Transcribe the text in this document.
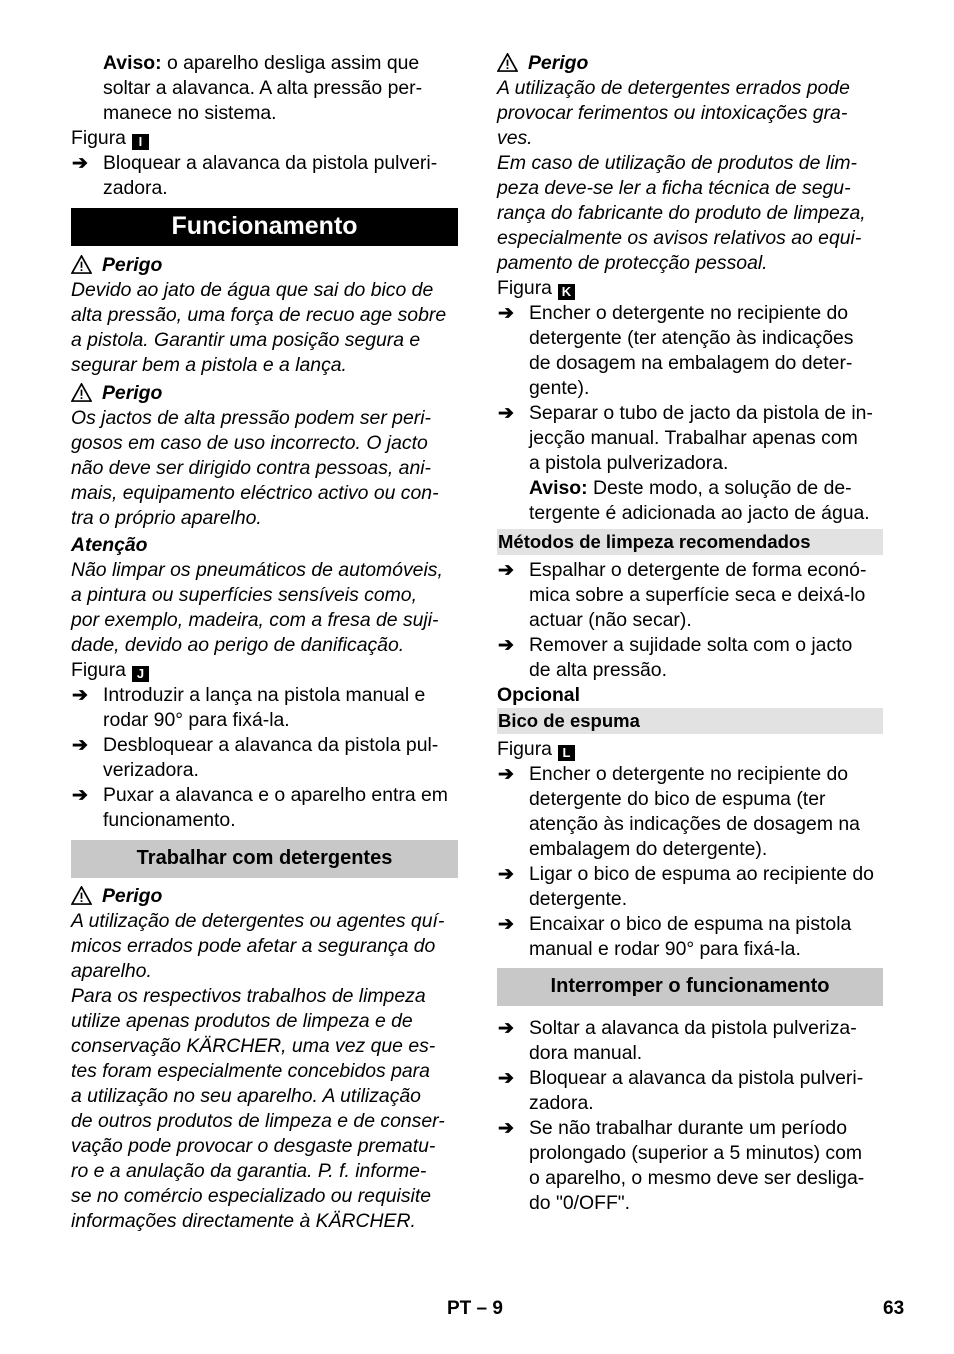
Aviso: o aparelho desliga assim que
soltar a alavanca. A alta pressão per-
manece no sistema.
Figura I
➔ Bloquear a alavanca da pistola pulveri-
zadora.
Funcionamento
Perigo
Devido ao jato de água que sai do bico de
alta pressão, uma força de recuo age sobre
a pistola. Garantir uma posição segura e
segurar bem a pistola e a lança.
Perigo
Os jactos de alta pressão podem ser peri-
gosos em caso de uso incorrecto. O jacto
não deve ser dirigido contra pessoas, ani-
mais, equipamento eléctrico activo ou con-
tra o próprio aparelho.
Atenção
Não limpar os pneumáticos de automóveis,
a pintura ou superfícies sensíveis como,
por exemplo, madeira, com a fresa de suji-
dade, devido ao perigo de danificação.
Figura J
➔ Introduzir a lança na pistola manual e
rodar 90° para fixá-la.
➔ Desbloquear a alavanca da pistola pul-
verizadora.
➔ Puxar a alavanca e o aparelho entra em
funcionamento.
Trabalhar com detergentes
Perigo
A utilização de detergentes ou agentes quí-
micos errados pode afetar a segurança do
aparelho.
Para os respectivos trabalhos de limpeza
utilize apenas produtos de limpeza e de
conservação KÄRCHER, uma vez que es-
tes foram especialmente concebidos para
a utilização no seu aparelho. A utilização
de outros produtos de limpeza e de conser-
vação pode provocar o desgaste prematu-
ro e a anulação da garantia. P. f. informe-
se no comércio especializado ou requisite
informações directamente à KÄRCHER.
Perigo
A utilização de detergentes errados pode
provocar ferimentos ou intoxicações gra-
ves.
Em caso de utilização de produtos de lim-
peza deve-se ler a ficha técnica de segu-
rança do fabricante do produto de limpeza,
especialmente os avisos relativos ao equi-
pamento de protecção pessoal.
Figura K
➔ Encher o detergente no recipiente do
detergente (ter atenção às indicações
de dosagem na embalagem do deter-
gente).
➔ Separar o tubo de jacto da pistola de in-
jecção manual. Trabalhar apenas com
a pistola pulverizadora.
Aviso: Deste modo, a solução de de-
tergente é adicionada ao jacto de água.
Métodos de limpeza recomendados
➔ Espalhar o detergente de forma econó-
mica sobre a superfície seca e deixá-lo
actuar (não secar).
➔ Remover a sujidade solta com o jacto
de alta pressão.
Opcional
Bico de espuma
Figura L
➔ Encher o detergente no recipiente do
detergente do bico de espuma (ter
atenção às indicações de dosagem na
embalagem do detergente).
➔ Ligar o bico de espuma ao recipiente do
detergente.
➔ Encaixar o bico de espuma na pistola
manual e rodar 90° para fixá-la.
Interromper o funcionamento
➔ Soltar a alavanca da pistola pulveriza-
dora manual.
➔ Bloquear a alavanca da pistola pulveri-
zadora.
➔ Se não trabalhar durante um período
prolongado (superior a 5 minutos) com
o aparelho, o mesmo deve ser desliga-
do "0/OFF".
PT – 9	63
